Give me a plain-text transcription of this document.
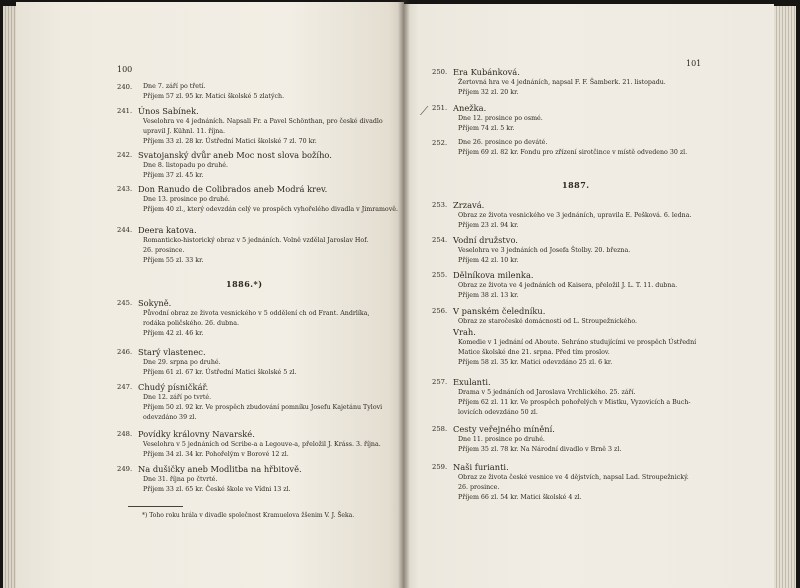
100
240. Dne 7. září po třetí.
Příjem 57 zl. 95 kr. Matici školské 5 zlatých.
241. Únos Sabínek.
Veselohra ve 4 jednáních. Napsali Fr. a Pavel Schönthan, pro české divadlo
upravil J. Kühnl. 11. října.
Příjem 33 zl. 28 kr. Ústřední Matici školské 7 zl. 70 kr.
242. Svatojanský dvůr aneb Moc nost slova božího.
Dne 8. listopadu po druhé.
Příjem 37 zl. 45 kr.
243. Don Ranudo de Colibrados aneb Modrá krev.
Dne 13. prosince po druhé.
Příjem 40 zl., který odevzdán celý ve prospěch vyhořelého divadla v Jimramově.
244. Deera katova.
Romanticko-historický obraz v 5 jednáních. Volně vzdělal Jaroslav Hof.
26. prosince.
Příjem 55 zl. 33 kr.
1886.*)
245. Sokyně.
Původní obraz ze života vesnického v 5 oddělení ch od Frant. Andrlíka,
rodáka poličského. 26. dubna.
Příjem 42 zl. 46 kr.
246. Starý vlastenec.
Dne 29. srpna po druhé.
Příjem 61 zl. 67 kr. Ústřední Matici školské 5 zl.
247. Chudý písničkář.
Dne 12. září po tvrté.
Příjem 50 zl. 92 kr. Ve prospěch zbudování pomníku Josefu Kajetánu Tylovi
odevzdáno 39 zl.
248. Povídky královny Navarské.
Veselohra v 5 jednáních od Scribe-a a Legouve-a, přeložil J. Kráss. 3. října.
Příjem 34 zl. 34 kr. Pohořelým v Borové 12 zl.
249. Na dušičky aneb Modlitba na hřbitově.
Dne 31. října po čtvrté.
Příjem 33 zl. 65 kr. České škole ve Vídni 13 zl.
*) Toho roku hrála v divadle společnost Kramuelova žšenim V. J. Šeka.
101
250. Era Kubánková.
Žertovná hra ve 4 jednáních, napsal F. F. Šamberk. 21. listopadu.
Příjem 32 zl. 20 kr.
⟋ 251. Anežka.
Dne 12. prosince po osmé.
Příjem 74 zl. 5 kr.
252. Dne 26. prosince po deváté.
Příjem 69 zl. 82 kr. Fondu pro zřízení sirotčince v místě odvedeno 30 zl.
1887.
253. Zrzavá.
Obraz ze života vesnického ve 3 jednáních, upravila E. Pešková. 6. ledna.
Příjem 23 zl. 94 kr.
254. Vodní družstvo.
Veselohra ve 3 jednáních od Josefa Štolby. 20. března.
Příjem 42 zl. 10 kr.
255. Dělníkova milenka.
Obraz ze života ve 4 jednáních od Kaisera, přeložil J. L. T. 11. dubna.
Příjem 38 zl. 13 kr.
256. V panském čeledníku.
Obraz ze staročeské domácnosti od L. Stroupežnického.
Vrah.
Komedie v 1 jednání od Aboute. Sehráno studujícími ve prospěch Ústřední
Matice školské dne 21. srpna. Před tím proslov.
Příjem 58 zl. 35 kr. Matici odevzdáno 25 zl. 6 kr.
257. Exulanti.
Drama v 5 jednáních od Jaroslava Vrchlického. 25. září.
Příjem 62 zl. 11 kr. Ve prospěch pohořelých v Mistku, Vyzovicích a Buch-
lovicích odevzdáno 50 zl.
258. Cesty veřejného mínění.
Dne 11. prosince po druhé.
Příjem 35 zl. 78 kr. Na Národní divadlo v Brně 3 zl.
259. Naši furianti.
Obraz ze života české vesnice ve 4 dějstvích, napsal Lad. Stroupežnický.
26. prosince.
Příjem 66 zl. 54 kr. Matici školské 4 zl.
